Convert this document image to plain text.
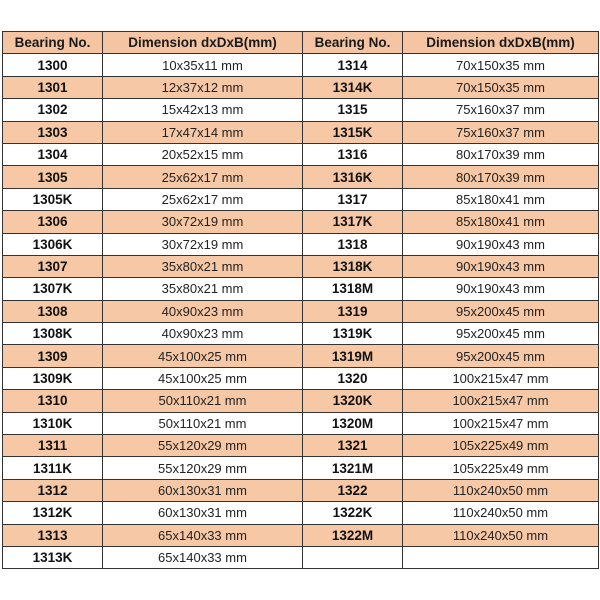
Bearing No.	Dimension dxDxB(mm)	Bearing No.	Dimension dxDxB(mm)
1300	10x35x11 mm	1314	70x150x35 mm
1301	12x37x12 mm	1314K	70x150x35 mm
1302	15x42x13 mm	1315	75x160x37 mm
1303	17x47x14 mm	1315K	75x160x37 mm
1304	20x52x15 mm	1316	80x170x39 mm
1305	25x62x17 mm	1316K	80x170x39 mm
1305K	25x62x17 mm	1317	85x180x41 mm
1306	30x72x19 mm	1317K	85x180x41 mm
1306K	30x72x19 mm	1318	90x190x43 mm
1307	35x80x21 mm	1318K	90x190x43 mm
1307K	35x80x21 mm	1318M	90x190x43 mm
1308	40x90x23 mm	1319	95x200x45 mm
1308K	40x90x23 mm	1319K	95x200x45 mm
1309	45x100x25 mm	1319M	95x200x45 mm
1309K	45x100x25 mm	1320	100x215x47 mm
1310	50x110x21 mm	1320K	100x215x47 mm
1310K	50x110x21 mm	1320M	100x215x47 mm
1311	55x120x29 mm	1321	105x225x49 mm
1311K	55x120x29 mm	1321M	105x225x49 mm
1312	60x130x31 mm	1322	110x240x50 mm
1312K	60x130x31 mm	1322K	110x240x50 mm
1313	65x140x33 mm	1322M	110x240x50 mm
1313K	65x140x33 mm		
